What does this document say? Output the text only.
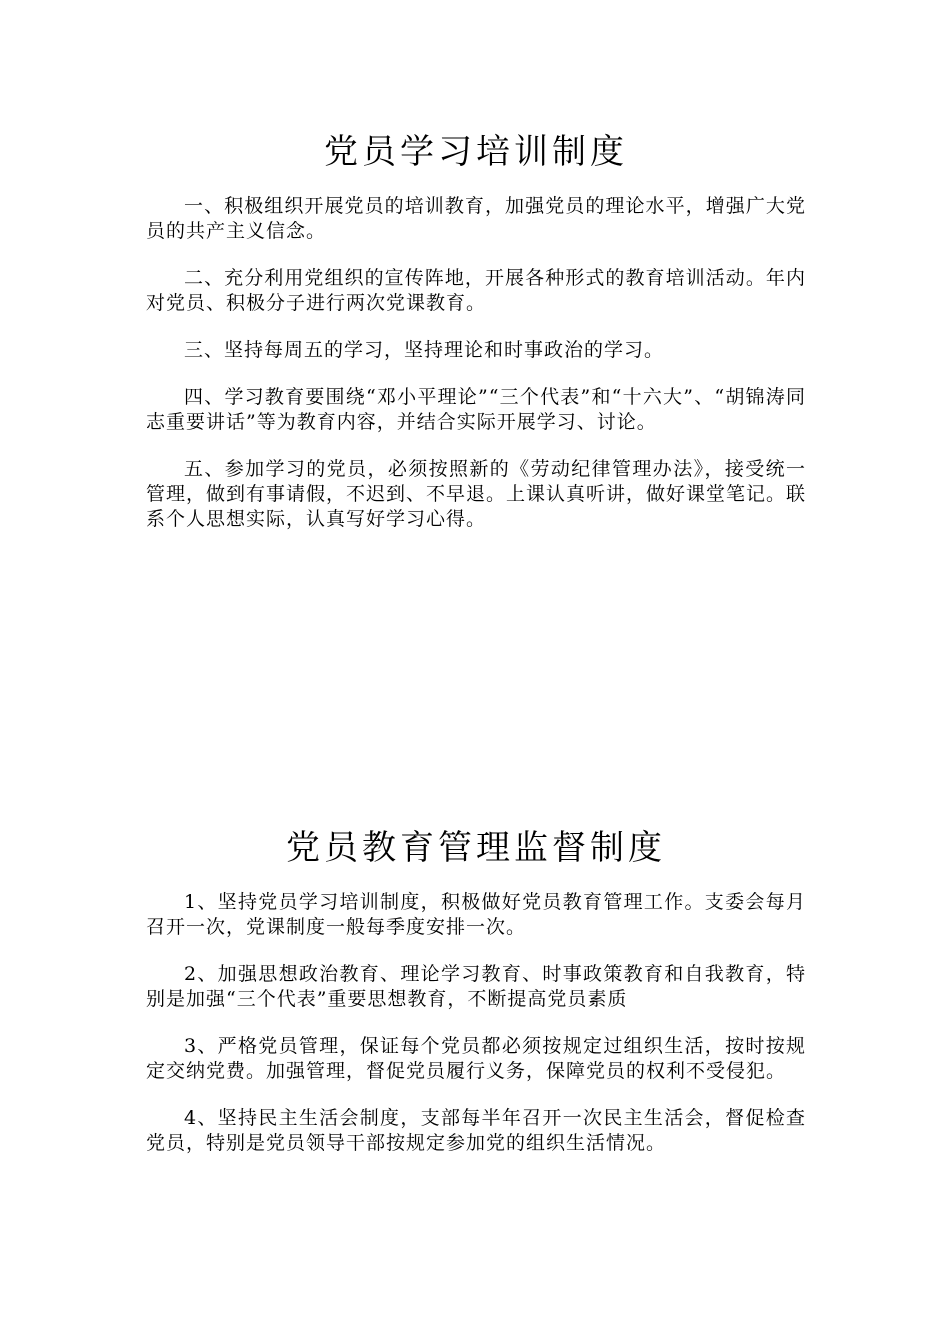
党员学习培训制度

一、积极组织开展党员的培训教育，加强党员的理论水平，增强广大党员的共产主义信念。

二、充分利用党组织的宣传阵地，开展各种形式的教育培训活动。年内对党员、积极分子进行两次党课教育。

三、坚持每周五的学习，坚持理论和时事政治的学习。

四、学习教育要围绕“邓小平理论”“三个代表”和“十六大”、“胡锦涛同志重要讲话”等为教育内容，并结合实际开展学习、讨论。

五、参加学习的党员，必须按照新的《劳动纪律管理办法》，接受统一管理，做到有事请假，不迟到、不早退。上课认真听讲，做好课堂笔记。联系个人思想实际，认真写好学习心得。

党员教育管理监督制度

1、坚持党员学习培训制度，积极做好党员教育管理工作。支委会每月召开一次，党课制度一般每季度安排一次。

2、加强思想政治教育、理论学习教育、时事政策教育和自我教育，特别是加强“三个代表”重要思想教育，不断提高党员素质

3、严格党员管理，保证每个党员都必须按规定过组织生活，按时按规定交纳党费。加强管理，督促党员履行义务，保障党员的权利不受侵犯。

4、坚持民主生活会制度，支部每半年召开一次民主生活会，督促检查党员，特别是党员领导干部按规定参加党的组织生活情况。
